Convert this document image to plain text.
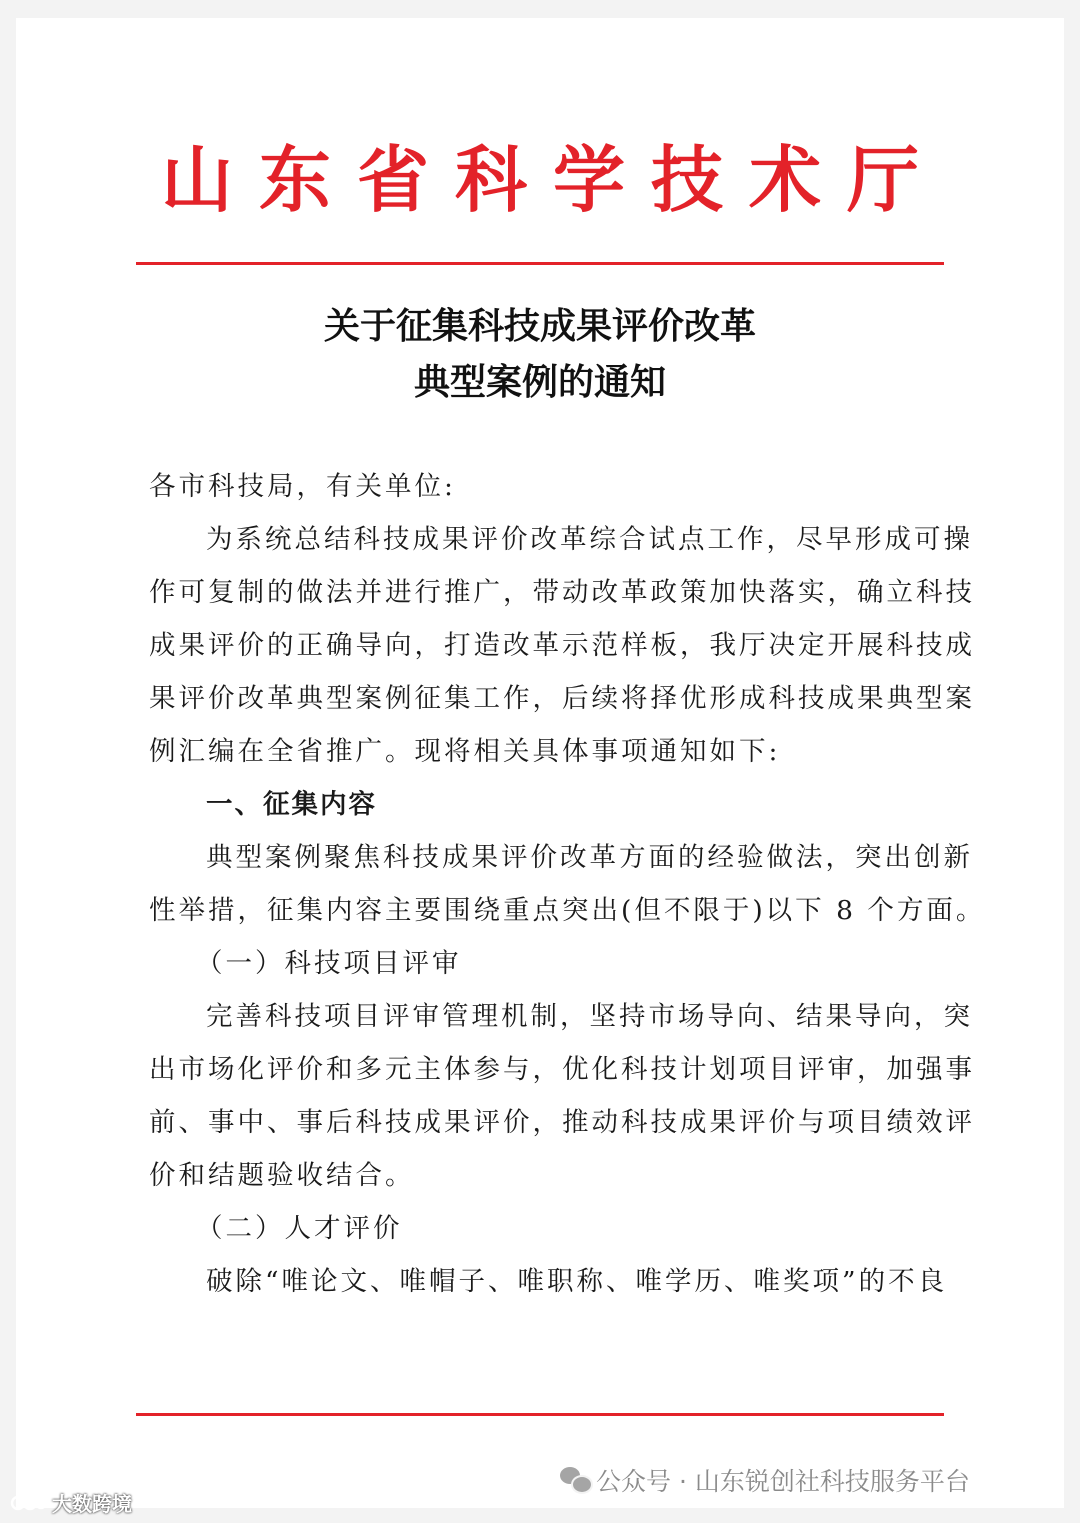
山东省科学技术厅
关于征集科技成果评价改革
典型案例的通知
各市科技局，有关单位:
为系统总结科技成果评价改革综合试点工作，尽早形成可操
作可复制的做法并进行推广，带动改革政策加快落实，确立科技
成果评价的正确导向，打造改革示范样板，我厅决定开展科技成
果评价改革典型案例征集工作，后续将择优形成科技成果典型案
例汇编在全省推广。现将相关具体事项通知如下:
一、征集内容
典型案例聚焦科技成果评价改革方面的经验做法，突出创新
性举措，征集内容主要围绕重点突出(但不限于)以下 8 个方面。
（一）科技项目评审
完善科技项目评审管理机制，坚持市场导向、结果导向，突
出市场化评价和多元主体参与，优化科技计划项目评审，加强事
前、事中、事后科技成果评价，推动科技成果评价与项目绩效评
价和结题验收结合。
（二）人才评价
破除“唯论文、唯帽子、唯职称、唯学历、唯奖项”的不良
公众号 · 山东锐创社科技服务平台
大数跨境
